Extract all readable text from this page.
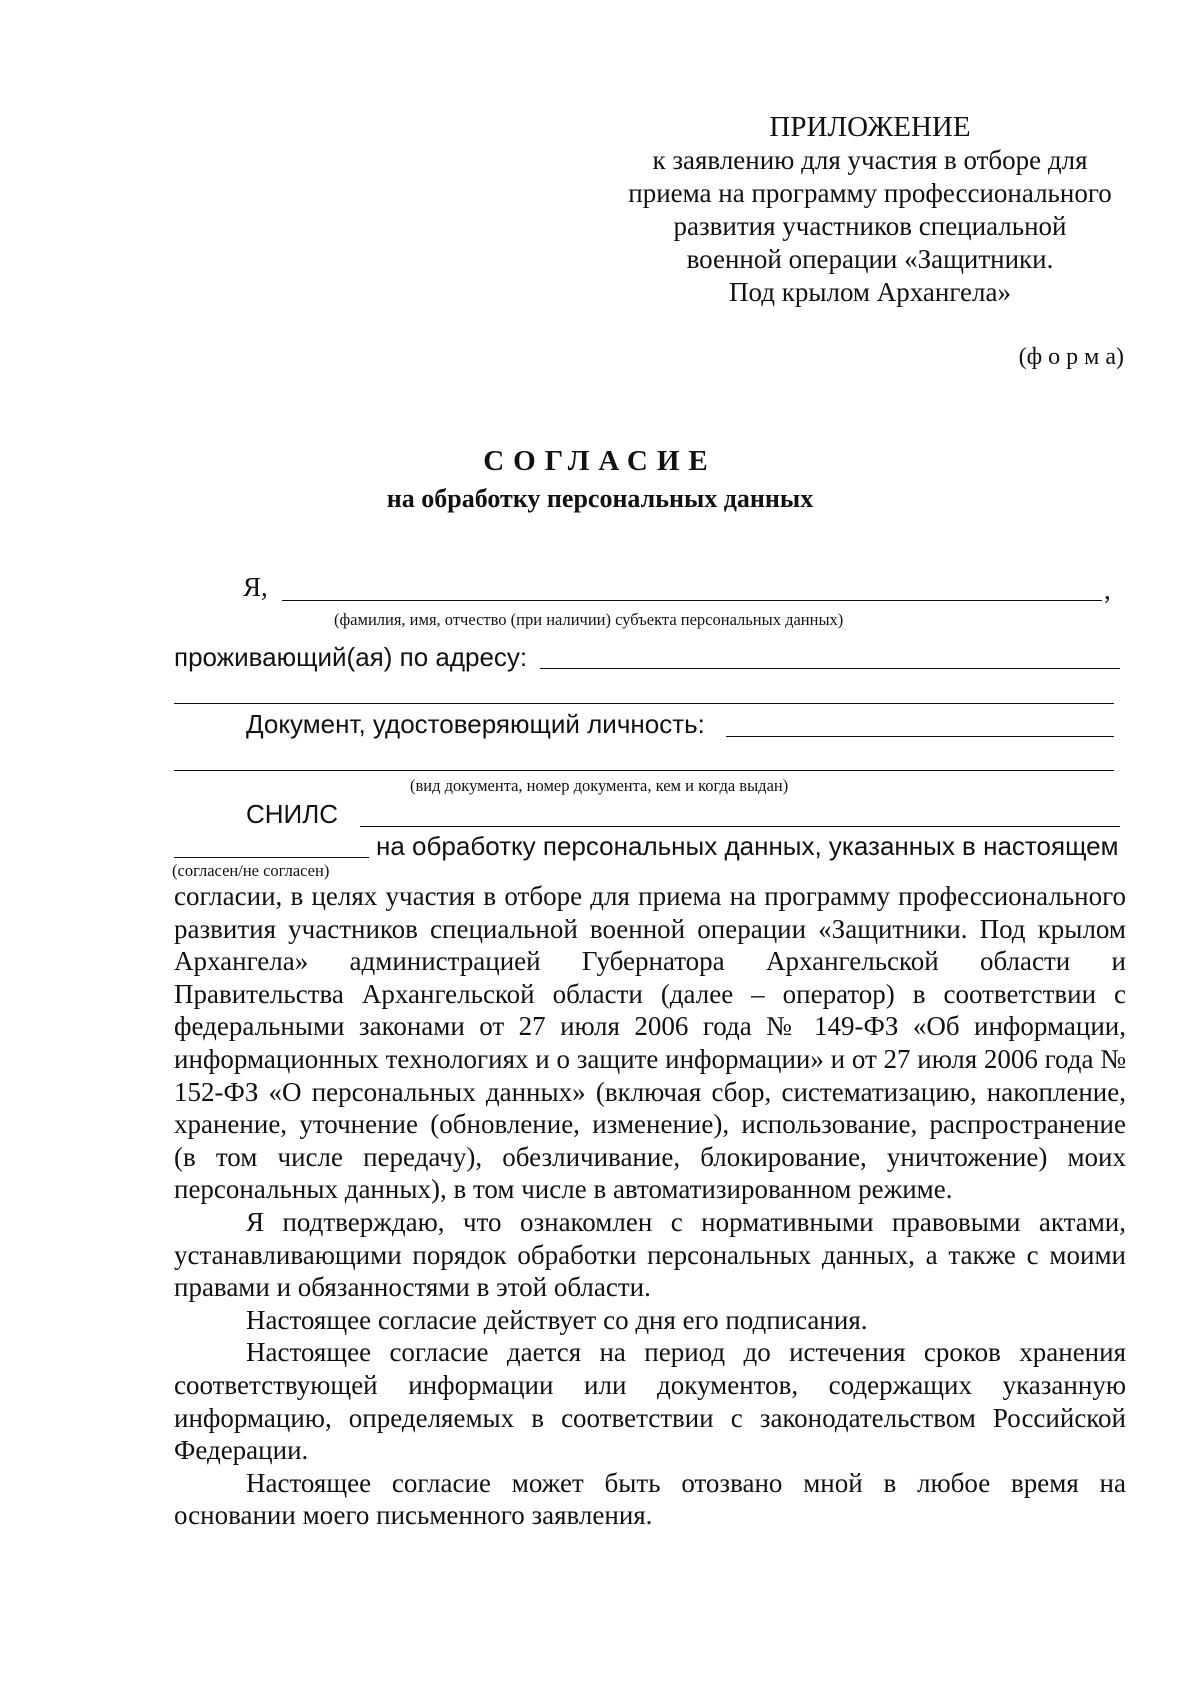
ПРИЛОЖЕНИЕ
к заявлению для участия в отборе для
приема на программу профессионального
развития участников специальной
военной операции «Защитники.
Под крылом Архангела»
(ф о р м а)
СОГЛАСИЕ
на обработку персональных данных
Я,	,
(фамилия, имя, отчество (при наличии) субъекта персональных данных)
проживающий(ая) по адресу:
Документ, удостоверяющий личность:
(вид документа, номер документа, кем и когда выдан)
СНИЛС
на обработку персональных данных, указанных в настоящем
(согласен/не согласен)

согласии, в целях участия в отборе для приема на программу профессионального развития участников специальной военной операции «Защитники. Под крылом Архангела» администрацией Губернатора Архангельской области и Правительства Архангельской области (далее – оператор) в соответствии с федеральными законами от 27 июля 2006 года № 149-ФЗ «Об информации, информационных технологиях и о защите информации» и от 27 июля 2006 года № 152-ФЗ «О персональных данных» (включая сбор, систематизацию, накопление, хранение, уточнение (обновление, изменение), использование, распространение (в том числе передачу), обезличивание, блокирование, уничтожение) моих персональных данных), в том числе в автоматизированном режиме.

Я подтверждаю, что ознакомлен с нормативными правовыми актами, устанавливающими порядок обработки персональных данных, а также с моими правами и обязанностями в этой области.

Настоящее согласие действует со дня его подписания.

Настоящее согласие дается на период до истечения сроков хранения соответствующей информации или документов, содержащих указанную информацию, определяемых в соответствии с законодательством Российской Федерации.

Настоящее согласие может быть отозвано мной в любое время на основании моего письменного заявления.
